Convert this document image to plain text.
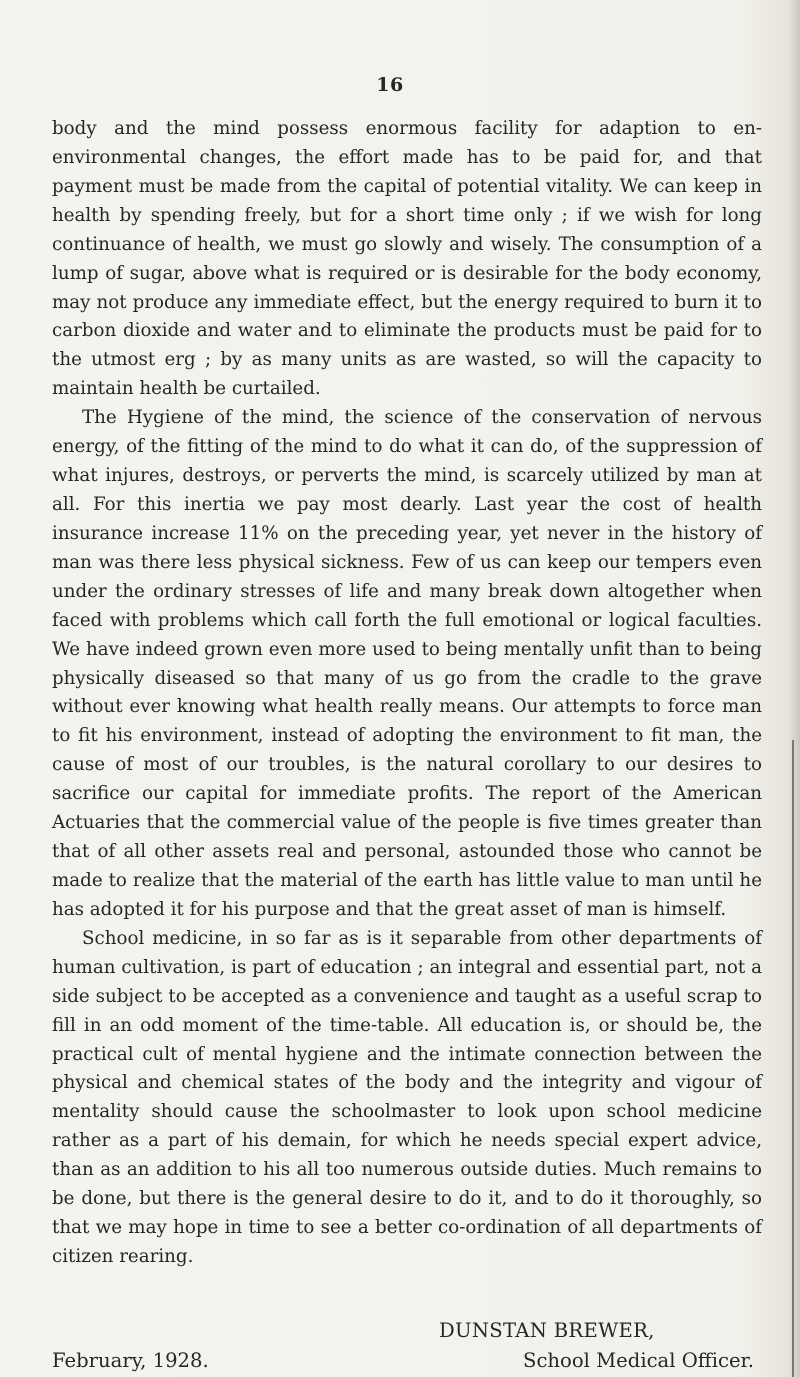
16

body and the mind possess enormous facility for adaption to enenvironmental changes, the effort made has to be paid for, and that payment must be made from the capital of potential vitality. We can keep in health by spending freely, but for a short time only ; if we wish for long continuance of health, we must go slowly and wisely. The consumption of a lump of sugar, above what is required or is desirable for the body economy, may not produce any immediate effect, but the energy required to burn it to carbon dioxide and water and to eliminate the products must be paid for to the utmost erg ; by as many units as are wasted, so will the capacity to maintain health be curtailed.

The Hygiene of the mind, the science of the conservation of nervous energy, of the fitting of the mind to do what it can do, of the suppression of what injures, destroys, or perverts the mind, is scarcely utilized by man at all. For this inertia we pay most dearly. Last year the cost of health insurance increase 11% on the preceding year, yet never in the history of man was there less physical sickness. Few of us can keep our tempers even under the ordinary stresses of life and many break down altogether when faced with problems which call forth the full emotional or logical faculties. We have indeed grown even more used to being mentally unfit than to being physically diseased so that many of us go from the cradle to the grave without ever knowing what health really means. Our attempts to force man to fit his environment, instead of adopting the environment to fit man, the cause of most of our troubles, is the natural corollary to our desires to sacrifice our capital for immediate profits. The report of the American Actuaries that the commercial value of the people is five times greater than that of all other assets real and personal, astounded those who cannot be made to realize that the material of the earth has little value to man until he has adopted it for his purpose and that the great asset of man is himself.

School medicine, in so far as is it separable from other departments of human cultivation, is part of education ; an integral and essential part, not a side subject to be accepted as a convenience and taught as a useful scrap to fill in an odd moment of the time-table. All education is, or should be, the practical cult of mental hygiene and the intimate connection between the physical and chemical states of the body and the integrity and vigour of mentality should cause the schoolmaster to look upon school medicine rather as a part of his demain, for which he needs special expert advice, than as an addition to his all too numerous outside duties. Much remains to be done, but there is the general desire to do it, and to do it thoroughly, so that we may hope in time to see a better co-ordination of all departments of citizen rearing.

DUNSTAN BREWER,
February, 1928.	School Medical Officer.
